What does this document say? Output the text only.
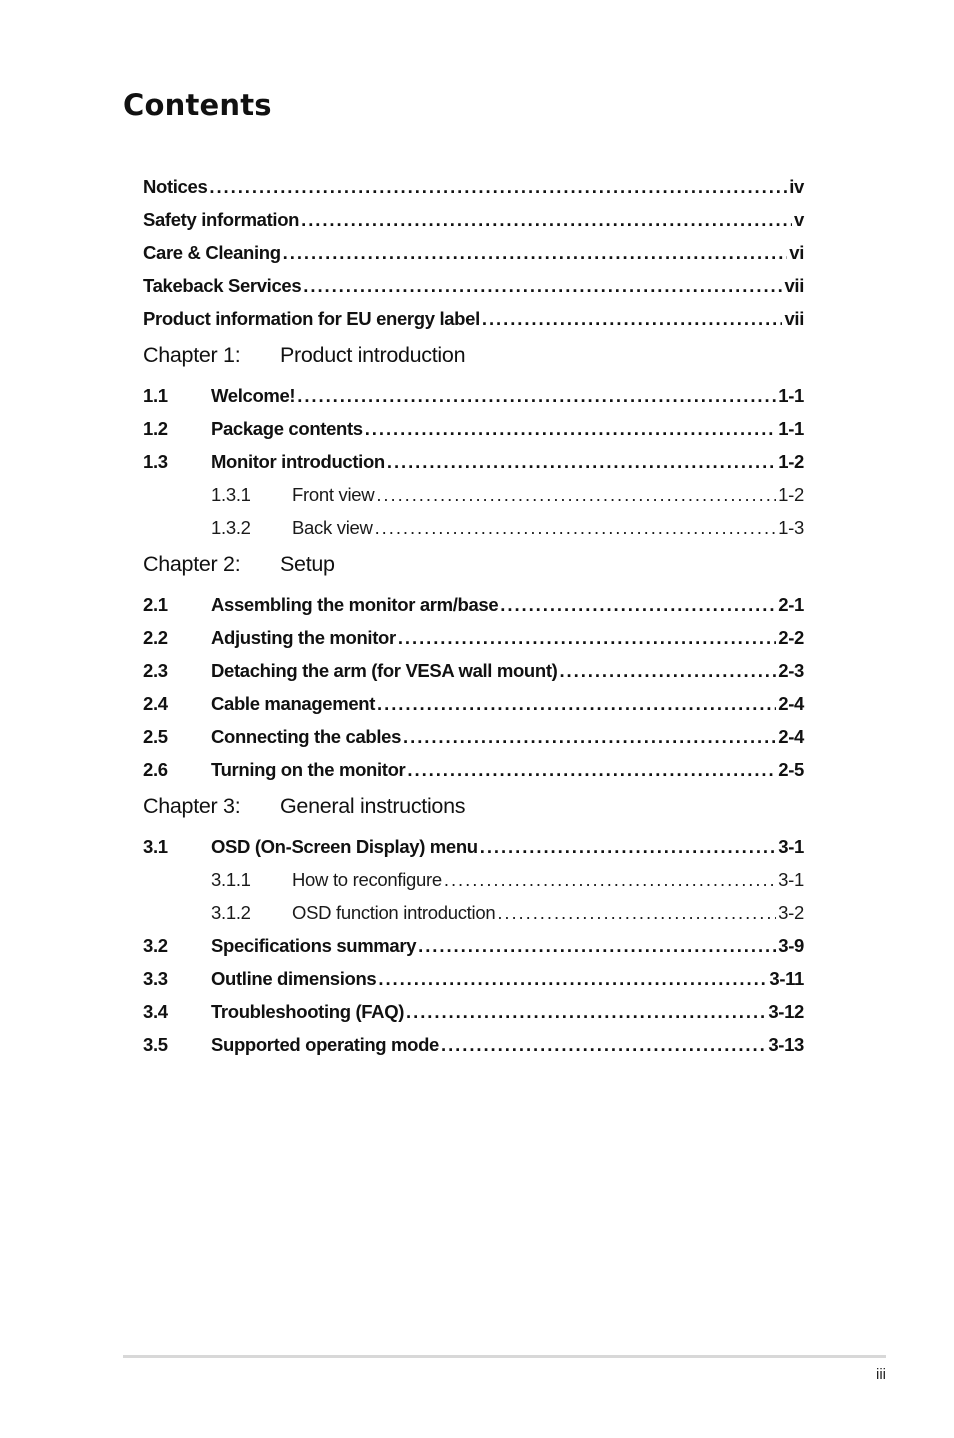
Contents
Notices . . .	iv
Safety information . . .	v
Care & Cleaning . . .	vi
Takeback Services . . .	vii
Product information for EU energy label . . .	vii
Chapter 1:	Product introduction
1.1	Welcome! . . .	1-1
1.2	Package contents . . .	1-1
1.3	Monitor introduction . . .	1-2
1.3.1	Front view . . .	1-2
1.3.2	Back view . . .	1-3
Chapter 2:	Setup
2.1	Assembling the monitor arm/base . . .	2-1
2.2	Adjusting the monitor . . .	2-2
2.3	Detaching the arm (for VESA wall mount) . . .	2-3
2.4	Cable management . . .	2-4
2.5	Connecting the cables . . .	2-4
2.6	Turning on the monitor . . .	2-5
Chapter 3:	General instructions
3.1	OSD (On-Screen Display) menu . . .	3-1
3.1.1	How to reconfigure . . .	3-1
3.1.2	OSD function introduction . . .	3-2
3.2	Specifications summary . . .	3-9
3.3	Outline dimensions . . .	3-11
3.4	Troubleshooting (FAQ) . . .	3-12
3.5	Supported operating mode . . .	3-13
iii
